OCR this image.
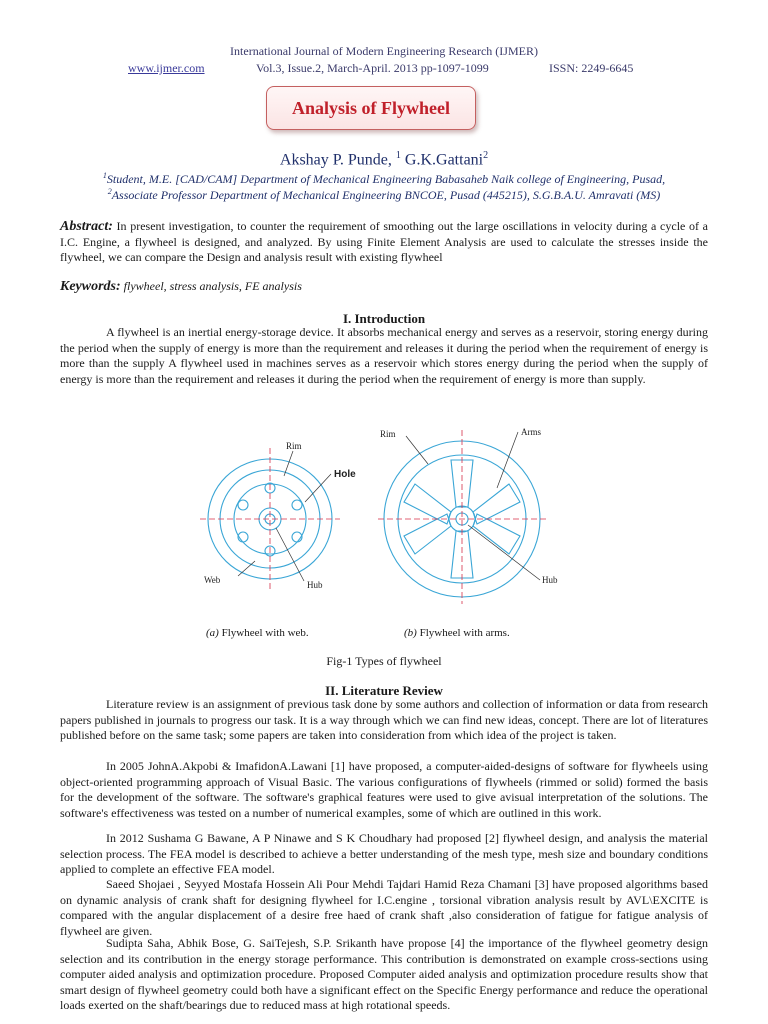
International Journal of Modern Engineering Research (IJMER)
www.ijmer.com	Vol.3, Issue.2, March-April. 2013 pp-1097-1099	ISSN: 2249-6645
Analysis of Flywheel
Akshay P. Punde, $^1$ G.K.Gattani$^2$
$^1$Student, M.E. [CAD/CAM] Department of Mechanical Engineering Babasaheb Naik college of Engineering, Pusad,
$^2$Associate Professor Department of Mechanical Engineering BNCOE, Pusad (445215), S.G.B.A.U. Amravati (MS)
Abstract: In present investigation, to counter the requirement of smoothing out the large oscillations in velocity during a cycle of a I.C. Engine, a flywheel is designed, and analyzed. By using Finite Element Analysis are used to calculate the stresses inside the flywheel, we can compare the Design and analysis result with existing flywheel
Keywords: flywheel, stress analysis, FE analysis
I. Introduction
A flywheel is an inertial energy-storage device. It absorbs mechanical energy and serves as a reservoir, storing energy during the period when the supply of energy is more than the requirement and releases it during the period when the requirement of energy is more than the supply A flywheel used in machines serves as a reservoir which stores energy during the period when the supply of energy is more than the requirement and releases it during the period when the requirement of energy is more than supply.
Rim
Hole
Web	Hub
Rim	Arms
Hub
(a) Flywheel with web.	(b) Flywheel with arms.
Fig-1 Types of flywheel
II. Literature Review
Literature review is an assignment of previous task done by some authors and collection of information or data from research papers published in journals to progress our task. It is a way through which we can find new ideas, concept. There are lot of literatures published before on the same task; some papers are taken into consideration from which idea of the project is taken.
In 2005 JohnA.Akpobi & ImafidonA.Lawani [1] have proposed, a computer-aided-designs of software for flywheels using object-oriented programming approach of Visual Basic. The various configurations of flywheels (rimmed or solid) formed the basis for the development of the software. The software's graphical features were used to give avisual interpretation of the solutions. The software's effectiveness was tested on a number of numerical examples, some of which are outlined in this work.
In 2012 Sushama G Bawane, A P Ninawe and S K Choudhary had proposed [2] flywheel design, and analysis the material selection process. The FEA model is described to achieve a better understanding of the mesh type, mesh size and boundary conditions applied to complete an effective FEA model.
Saeed Shojaei , Seyyed Mostafa Hossein Ali Pour Mehdi Tajdari Hamid Reza Chamani [3] have proposed algorithms based on dynamic analysis of crank shaft for designing flywheel for I.C.engine , torsional vibration analysis result by AVL\EXCITE is compared with the angular displacement of a desire free haed of crank shaft ,also consideration of fatigue for fatigue analysis of flywheel are given.
Sudipta Saha, Abhik Bose, G. SaiTejesh, S.P. Srikanth have propose [4] the importance of the flywheel geometry design selection and its contribution in the energy storage performance. This contribution is demonstrated on example cross-sections using computer aided analysis and optimization procedure. Proposed Computer aided analysis and optimization procedure results show that smart design of flywheel geometry could both have a significant effect on the Specific Energy performance and reduce the operational loads exerted on the shaft/bearings due to reduced mass at high rotational speeds.
